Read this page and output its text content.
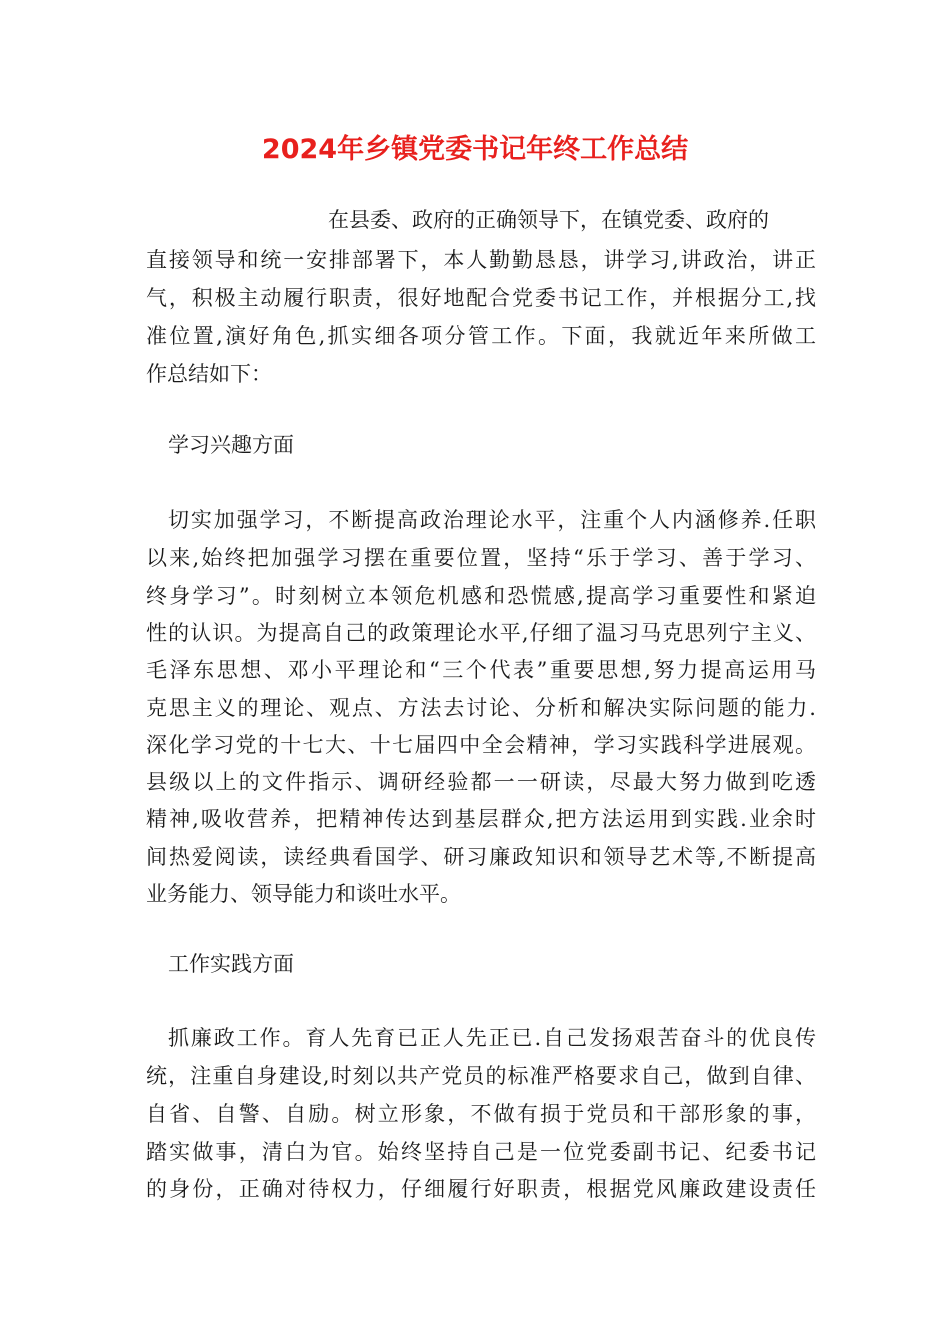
2024年乡镇党委书记年终工作总结
在县委、政府的正确领导下，在镇党委、政府的
直接领导和统一安排部署下，本人勤勤恳恳，讲学习,讲政治，讲正
气，积极主动履行职责，很好地配合党委书记工作，并根据分工,找
准位置,演好角色,抓实细各项分管工作。下面，我就近年来所做工
作总结如下：
学习兴趣方面
切实加强学习，不断提高政治理论水平，注重个人内涵修养.任职
以来,始终把加强学习摆在重要位置，坚持“乐于学习、善于学习、
终身学习”。时刻树立本领危机感和恐慌感,提高学习重要性和紧迫
性的认识。为提高自己的政策理论水平,仔细了温习马克思列宁主义、
毛泽东思想、邓小平理论和“三个代表”重要思想,努力提高运用马
克思主义的理论、观点、方法去讨论、分析和解决实际问题的能力.
深化学习党的十七大、十七届四中全会精神，学习实践科学进展观。
县级以上的文件指示、调研经验都一一研读，尽最大努力做到吃透
精神,吸收营养，把精神传达到基层群众,把方法运用到实践.业余时
间热爱阅读，读经典看国学、研习廉政知识和领导艺术等,不断提高
业务能力、领导能力和谈吐水平。
工作实践方面
抓廉政工作。育人先育已正人先正已.自己发扬艰苦奋斗的优良传
统，注重自身建设,时刻以共产党员的标准严格要求自己，做到自律、
自省、自警、自励。树立形象，不做有损于党员和干部形象的事，
踏实做事，清白为官。始终坚持自己是一位党委副书记、纪委书记
的身份，正确对待权力，仔细履行好职责，根据党风廉政建设责任
